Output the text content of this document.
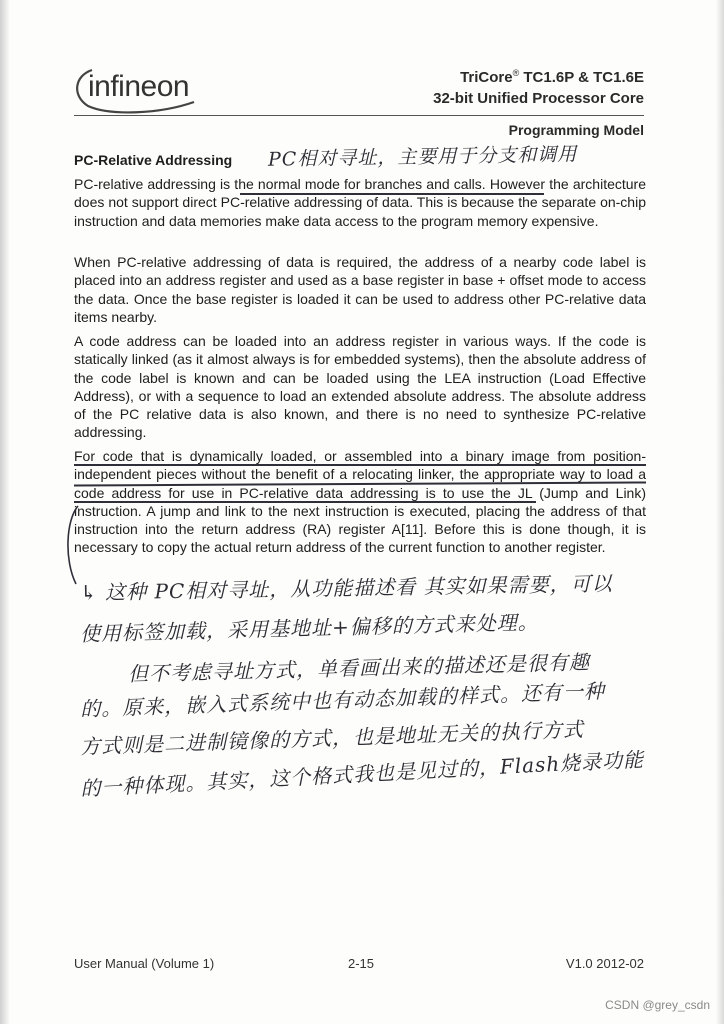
infineon	TriCore® TC1.6P & TC1.6E
32-bit Unified Processor Core
Programming Model
PC-Relative Addressing PC相对寻址，主要用于分支和调用

PC-relative addressing is the normal mode for branches and calls. However the architecture does not support direct PC-relative addressing of data. This is because the separate on-chip instruction and data memories make data access to the program memory expensive.

When PC-relative addressing of data is required, the address of a nearby code label is placed into an address register and used as a base register in base + offset mode to access the data. Once the base register is loaded it can be used to address other PC-relative data items nearby.

A code address can be loaded into an address register in various ways. If the code is statically linked (as it almost always is for embedded systems), then the absolute address of the code label is known and can be loaded using the LEA instruction (Load Effective Address), or with a sequence to load an extended absolute address. The absolute address of the PC relative data is also known, and there is no need to synthesize PC-relative addressing.

For code that is dynamically loaded, or assembled into a binary image from position-independent pieces without the benefit of a relocating linker, the appropriate way to load a code address for use in PC-relative data addressing is to use the JL (Jump and Link) instruction. A jump and link to the next instruction is executed, placing the address of that instruction into the return address (RA) register A[11]. Before this is done though, it is necessary to copy the actual return address of the current function to another register.

↳ 这种 PC相对寻址，从功能描述看 其实如果需要，可以
使用标签加载，采用基地址+偏移的方式来处理。
但不考虑寻址方式，单看画出来的描述还是很有趣
的。原来，嵌入式系统中也有动态加载的样式。还有一种
方式则是二进制镜像的方式，也是地址无关的执行方式
的一种体现。其实，这个格式我也是见过的，Flash烧录功能
User Manual (Volume 1)	2-15	V1.0 2012-02
CSDN @grey_csdn
